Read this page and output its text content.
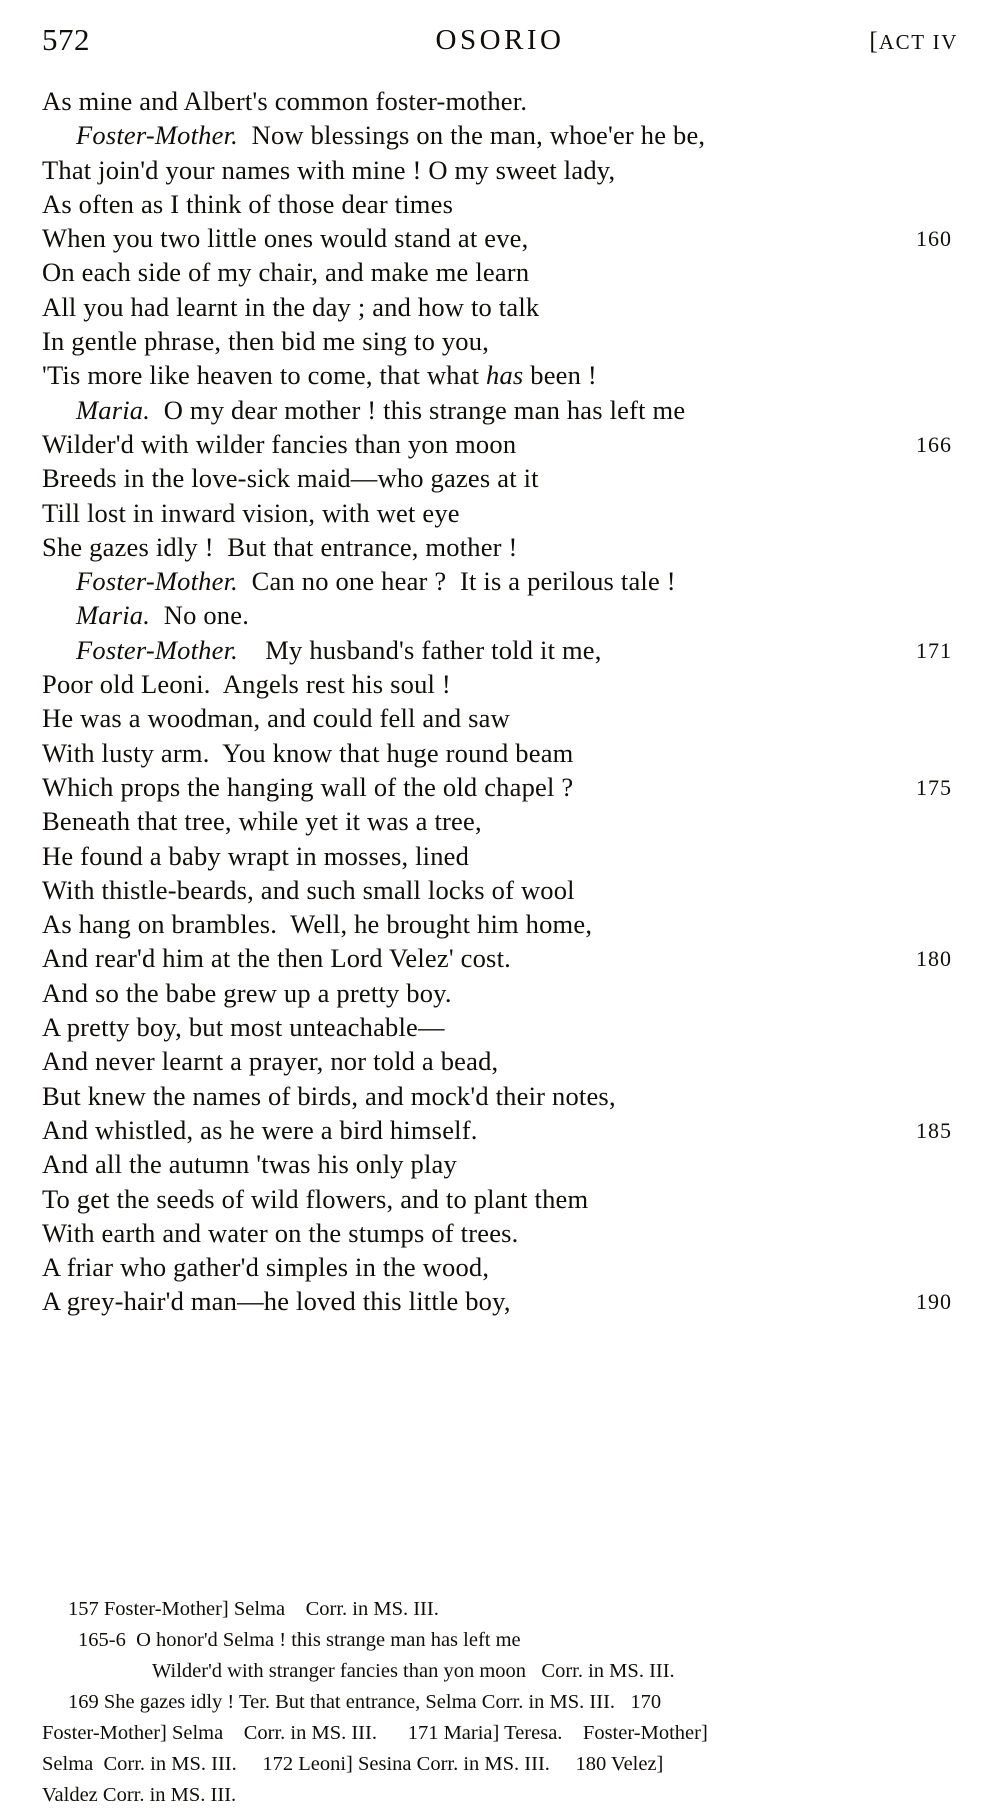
572	OSORIO	[ACT IV
As mine and Albert's common foster-mother.
Foster-Mother.  Now blessings on the man, whoe'er he be,
That join'd your names with mine ! O my sweet lady,
As often as I think of those dear times
When you two little ones would stand at eve,	160
On each side of my chair, and make me learn
All you had learnt in the day ; and how to talk
In gentle phrase, then bid me sing to you,
'Tis more like heaven to come, that what has been !
Maria.  O my dear mother ! this strange man has left me
Wilder'd with wilder fancies than yon moon	166
Breeds in the love-sick maid—who gazes at it
Till lost in inward vision, with wet eye
She gazes idly !  But that entrance, mother !
Foster-Mother.  Can no one hear ?  It is a perilous tale !
Maria.  No one.
Foster-Mother.    My husband's father told it me,	171
Poor old Leoni.  Angels rest his soul !
He was a woodman, and could fell and saw
With lusty arm.  You know that huge round beam
Which props the hanging wall of the old chapel ?	175
Beneath that tree, while yet it was a tree,
He found a baby wrapt in mosses, lined
With thistle-beards, and such small locks of wool
As hang on brambles.  Well, he brought him home,
And rear'd him at the then Lord Velez' cost.	180
And so the babe grew up a pretty boy.
A pretty boy, but most unteachable—
And never learnt a prayer, nor told a bead,
But knew the names of birds, and mock'd their notes,
And whistled, as he were a bird himself.	185
And all the autumn 'twas his only play
To get the seeds of wild flowers, and to plant them
With earth and water on the stumps of trees.
A friar who gather'd simples in the wood,
A grey-hair'd man—he loved this little boy,	190
157 Foster-Mother] Selma    Corr. in MS. III.
165-6  O honor'd Selma ! this strange man has left me
Wilder'd with stranger fancies than yon moon   Corr. in MS. III.
169 She gazes idly ! Ter. But that entrance, Selma Corr. in MS. III.   170
Foster-Mother] Selma    Corr. in MS. III.      171 Maria] Teresa.    Foster-Mother]
Selma  Corr. in MS. III.     172 Leoni] Sesina Corr. in MS. III.     180 Velez]
Valdez Corr. in MS. III.
